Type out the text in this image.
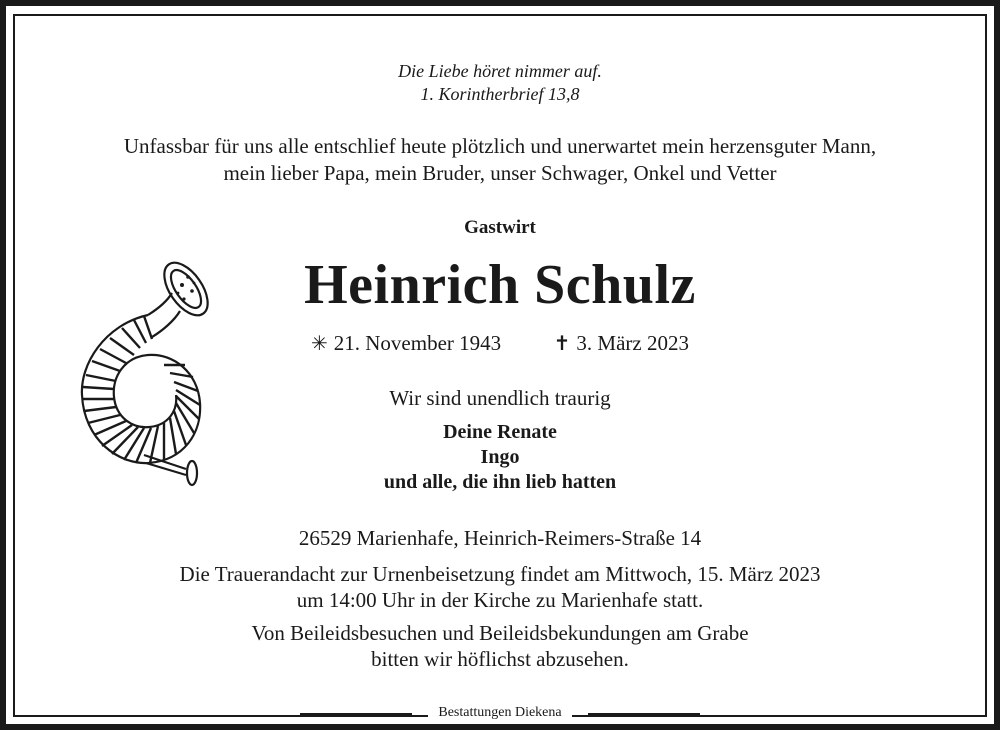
Die Liebe höret nimmer auf.
1. Korintherbrief 13,8
Unfassbar für uns alle entschlief heute plötzlich und unerwartet mein herzensguter Mann,
mein lieber Papa, mein Bruder, unser Schwager, Onkel und Vetter
Gastwirt
Heinrich Schulz
✳ 21. November 1943	✝ 3. März 2023
Wir sind unendlich traurig
Deine Renate
Ingo
und alle, die ihn lieb hatten
26529 Marienhafe, Heinrich-Reimers-Straße 14
Die Trauerandacht zur Urnenbeisetzung findet am Mittwoch, 15. März 2023
um 14:00 Uhr in der Kirche zu Marienhafe statt.
Von Beileidsbesuchen und Beileidsbekundungen am Grabe
bitten wir höflichst abzusehen.
Bestattungen Diekena
